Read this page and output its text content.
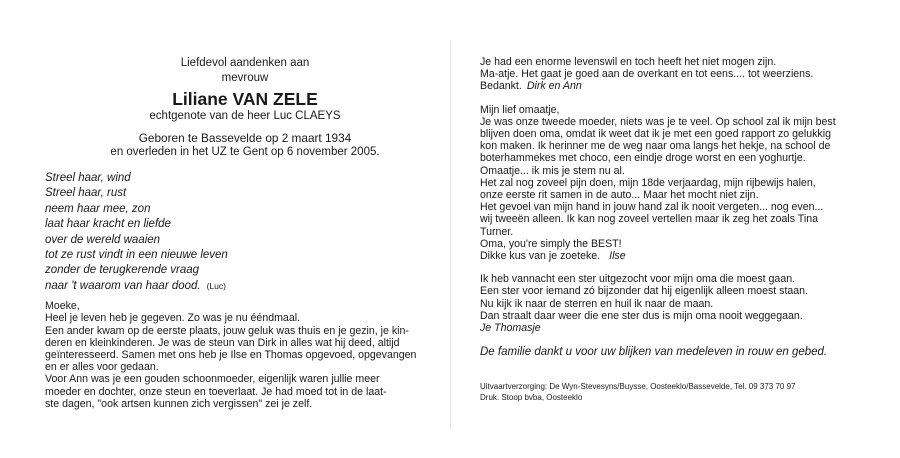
Liefdevol aandenken aan
mevrouw
Liliane VAN ZELE
echtgenote van de heer Luc CLAEYS
Geboren te Bassevelde op 2 maart 1934
en overleden in het UZ te Gent op 6 november 2005.
Streel haar, wind
Streel haar, rust
neem haar mee, zon
laat haar kracht en liefde
over de wereld waaien
tot ze rust vindt in een nieuwe leven
zonder de terugkerende vraag
naar 't waarom van haar dood. (Luc)
Moeke,
Heel je leven heb je gegeven. Zo was je nu ééndmaal.
Een ander kwam op de eerste plaats, jouw geluk was thuis en je gezin, je kin-
deren en kleinkinderen. Je was de steun van Dirk in alles wat hij deed, altijd
geïnteresseerd. Samen met ons heb je Ilse en Thomas opgevoed, opgevangen
en er alles voor gedaan.
Voor Ann was je een gouden schoonmoeder, eigenlijk waren jullie meer
moeder en dochter, onze steun en toeverlaat. Je had moed tot in de laat-
ste dagen, "ook artsen kunnen zich vergissen" zei je zelf.
Je had een enorme levenswil en toch heeft het niet mogen zijn.
Ma-atje. Het gaat je goed aan de overkant en tot eens.... tot weerziens.
Bedankt. Dirk en Ann
Mijn lief omaatje,
Je was onze tweede moeder, niets was je te veel. Op school zal ik mijn best
blijven doen oma, omdat ik weet dat ik je met een goed rapport zo gelukkig
kon maken. Ik herinner me de weg naar oma langs het hekje, na school de
boterhammekes met choco, een eindje droge worst en een yoghurtje.
Omaatje... ik mis je stem nu al.
Het zal nog zoveel pijn doen, mijn 18de verjaardag, mijn rijbewijs halen,
onze eerste rit samen in de auto... Maar het mocht niet zijn.
Het gevoel van mijn hand in jouw hand zal ik nooit vergeten... nog even...
wij tweeën alleen. Ik kan nog zoveel vertellen maar ik zeg het zoals Tina
Turner.
Oma, you're simply the BEST!
Dikke kus van je zoeteke. Ilse
Ik heb vannacht een ster uitgezocht voor mijn oma die moest gaan.
Een ster voor iemand zó bijzonder dat hij eigenlijk alleen moest staan.
Nu kijk ik naar de sterren en huil ik naar de maan.
Dan straalt daar weer die ene ster dus is mijn oma nooit weggegaan.
Je Thomasje
De familie dankt u voor uw blijken van medeleven in rouw en gebed.
Uitvaartverzorging: De Wyn-Stevesyns/Buysse, Oosteeklo/Bassevelde, Tel. 09 373 70 97
Druk. Stoop bvba, Oosteeklo
